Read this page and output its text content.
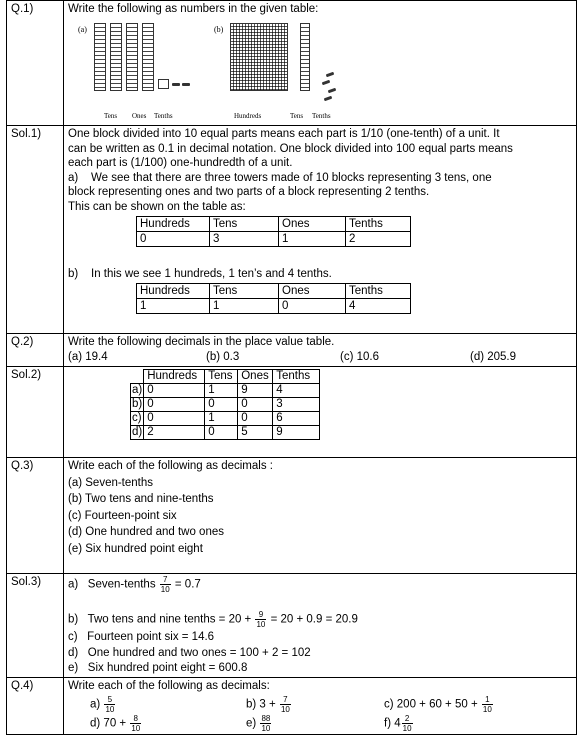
Q.1)	Write the following as numbers in the given table:
(a)
Tens Ones Tenths
(b)
Hundreds	Tens Tenths

Sol.1)	One block divided into 10 equal parts means each part is 1/10 (one-tenth) of a unit. It
can be written as 0.1 in decimal notation. One block divided into 100 equal parts means
each part is (1/100) one-hundredth of a unit.
a)    We see that there are three towers made of 10 blocks representing 3 tens, one
block representing ones and two parts of a block representing 2 tenths.
This can be shown on the table as:
Hundreds	Tens	Ones	Tenths
0	3	1	2
b)    In this we see 1 hundreds, 1 ten’s and 4 tenths.
Hundreds	Tens	Ones	Tenths
1	1	0	4

Q.2)	Write the following decimals in the place value table.
(a) 19.4	(b) 0.3	(c) 10.6	(d) 205.9

Sol.2)	
		Hundreds	Tens	Ones	Tenths
a)	0	1	9	4
b)	0	0	0	3
c)	0	1	0	6
d)	2	0	5	9

Q.3)	Write each of the following as decimals :
(a) Seven-tenths
(b) Two tens and nine-tenths
(c) Fourteen-point six
(d) One hundred and two ones
(e) Six hundred point eight

Sol.3)	a)   Seven-tenths $\frac{7}{10} = 0.7$
b)   Two tens and nine tenths = $20 + \frac{9}{10} = 20 + 0.9 = 20.9$
c)   Fourteen point six = 14.6
d)   One hundred and two ones = 100 + 2 = 102
e)   Six hundred point eight = 600.8

Q.4)	Write each of the following as decimals:
$a) \frac{5}{10}$	b) $3 + \frac{7}{10}$	c) $200 + 60 + 50 + \frac{1}{10}$
d) $70 + \frac{8}{10}$	$e) \frac{88}{10}$	f) $4 \frac{2}{10}$
